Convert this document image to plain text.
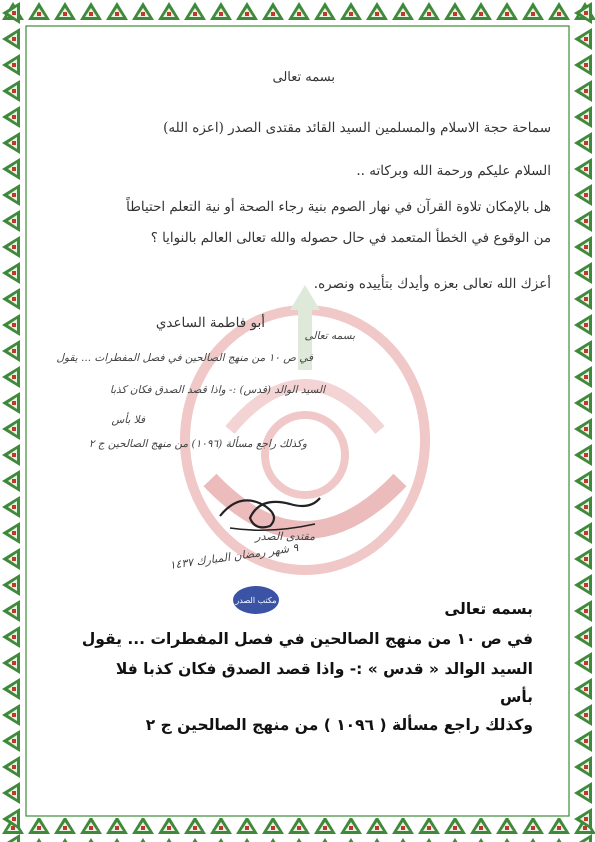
بسمه تعالى
سماحة حجة الاسلام والمسلمين السيد القائد مقتدى الصدر (اعزه الله)
السلام عليكم ورحمة الله وبركاته ..
هل بالإمكان تلاوة القرآن في نهار الصوم بنية رجاء الصحة أو نية التعلم احتياطاً
من الوقوع في الخطأ المتعمد في حال حصوله والله تعالى العالم بالنوايا ؟
أعزك الله تعالى بعزه وأيدك بتأييده ونصره.
أبو فاطمة الساعدي
بسمه تعالى
في ص ١٠ من منهج الصالحين في فصل المفطرات ... يقول
السيد الوالد (قدس) :- واذا قصد الصدق فكان كذبا
فلا بأس
وكذلك راجع مسألة (١٠٩٦) من منهج الصالحين ج ٢
مقتدى الصدر
٩ شهر رمضان المبارك ١٤٣٧
مكتب الصدر	بسمه تعالى
في ص ١٠ من منهج الصالحين في فصل المفطرات ... يقول
السيد الوالد « قدس » :- واذا قصد الصدق فكان كذبا فلا
بأس
وكذلك راجع مسألة ( ١٠٩٦ ) من منهج الصالحين ج ٢
